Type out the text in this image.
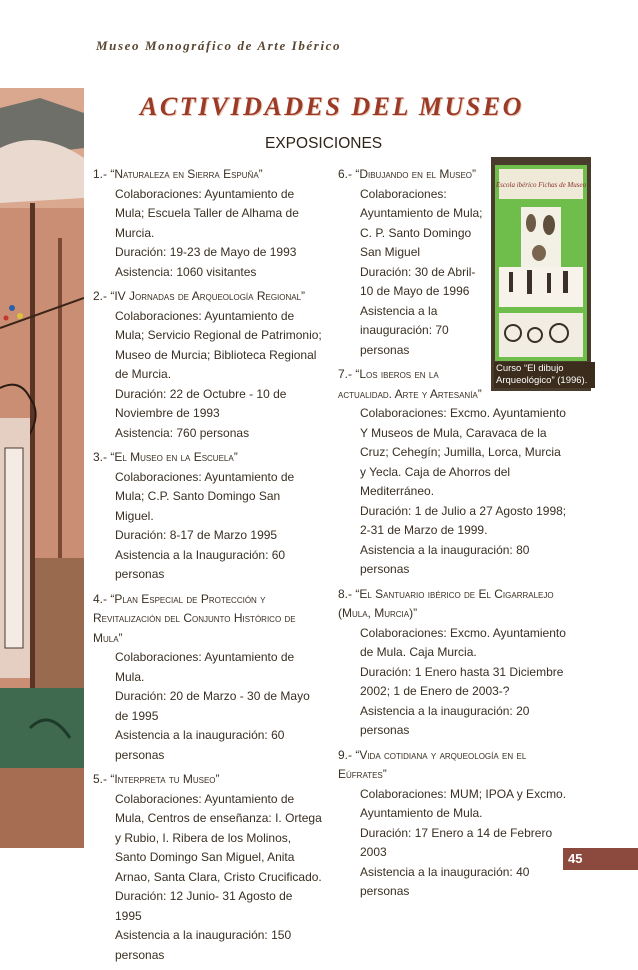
Museo Monográfico de Arte Ibérico
ACTIVIDADES DEL MUSEO
EXPOSICIONES

1.- “Naturaleza en Sierra Espuña”

Colaboraciones: Ayuntamiento de Mula; Escuela Taller de Alhama de Murcia.

Duración: 19-23 de Mayo de 1993

Asistencia: 1060 visitantes

2.- “IV Jornadas de Arqueología Regional”

Colaboraciones: Ayuntamiento de Mula; Servicio Regional de Patrimonio; Museo de Murcia; Biblioteca Regional de Murcia.

Duración: 22 de Octubre - 10 de Noviembre de 1993

Asistencia: 760 personas

3.- “El Museo en la Escuela”

Colaboraciones: Ayuntamiento de Mula; C.P. Santo Domingo San Miguel.

Duración: 8-17 de Marzo 1995

Asistencia a la Inauguración: 60 personas

4.- “Plan Especial de Protección y Revitalización del Conjunto Histórico de Mula”

Colaboraciones: Ayuntamiento de Mula.

Duración: 20 de Marzo - 30 de Mayo de 1995

Asistencia a la inauguración: 60 personas

5.- “Interpreta tu Museo”

Colaboraciones: Ayuntamiento de Mula, Centros de enseñanza: I. Ortega y Rubio, I. Ribera de los Molinos, Santo Domingo San Miguel, Anita Arnao, Santa Clara, Cristo Crucificado.

Duración: 12 Junio- 31 Agosto de 1995

Asistencia a la inauguración: 150 personas

6.- “Dibujando en el Museo”

Colaboraciones: Ayuntamiento de Mula; C. P. Santo Domingo San Miguel

Duración: 30 de Abril-10 de Mayo de 1996

Asistencia a la inauguración: 70 personas

7.- “Los iberos en la actualidad. Arte y Artesanía”

Colaboraciones: Excmo. Ayuntamiento Y Museos de Mula, Caravaca de la Cruz; Cehegín; Jumilla, Lorca, Murcia y Yecla. Caja de Ahorros del Mediterráneo.

Duración: 1 de Julio a 27 Agosto 1998; 2-31 de Marzo de 1999.

Asistencia a la inauguración: 80 personas

8.- “El Santuario ibérico de El Cigarralejo (Mula, Murcia)”

Colaboraciones: Excmo. Ayuntamiento de Mula. Caja Murcia.

Duración: 1 Enero hasta 31 Diciembre 2002; 1 de Enero de 2003-?

Asistencia a la inauguración: 20 personas

9.- “Vida cotidiana y arqueología en el Eúfrates”

Colaboraciones: MUM; IPOA y Excmo. Ayuntamiento de Mula.

Duración: 17 Enero a 14 de Febrero 2003

Asistencia a la inauguración: 40 personas

Escola ibérico Fichas de Museo
Curso “El dibujo Arqueológico” (1996).
45
